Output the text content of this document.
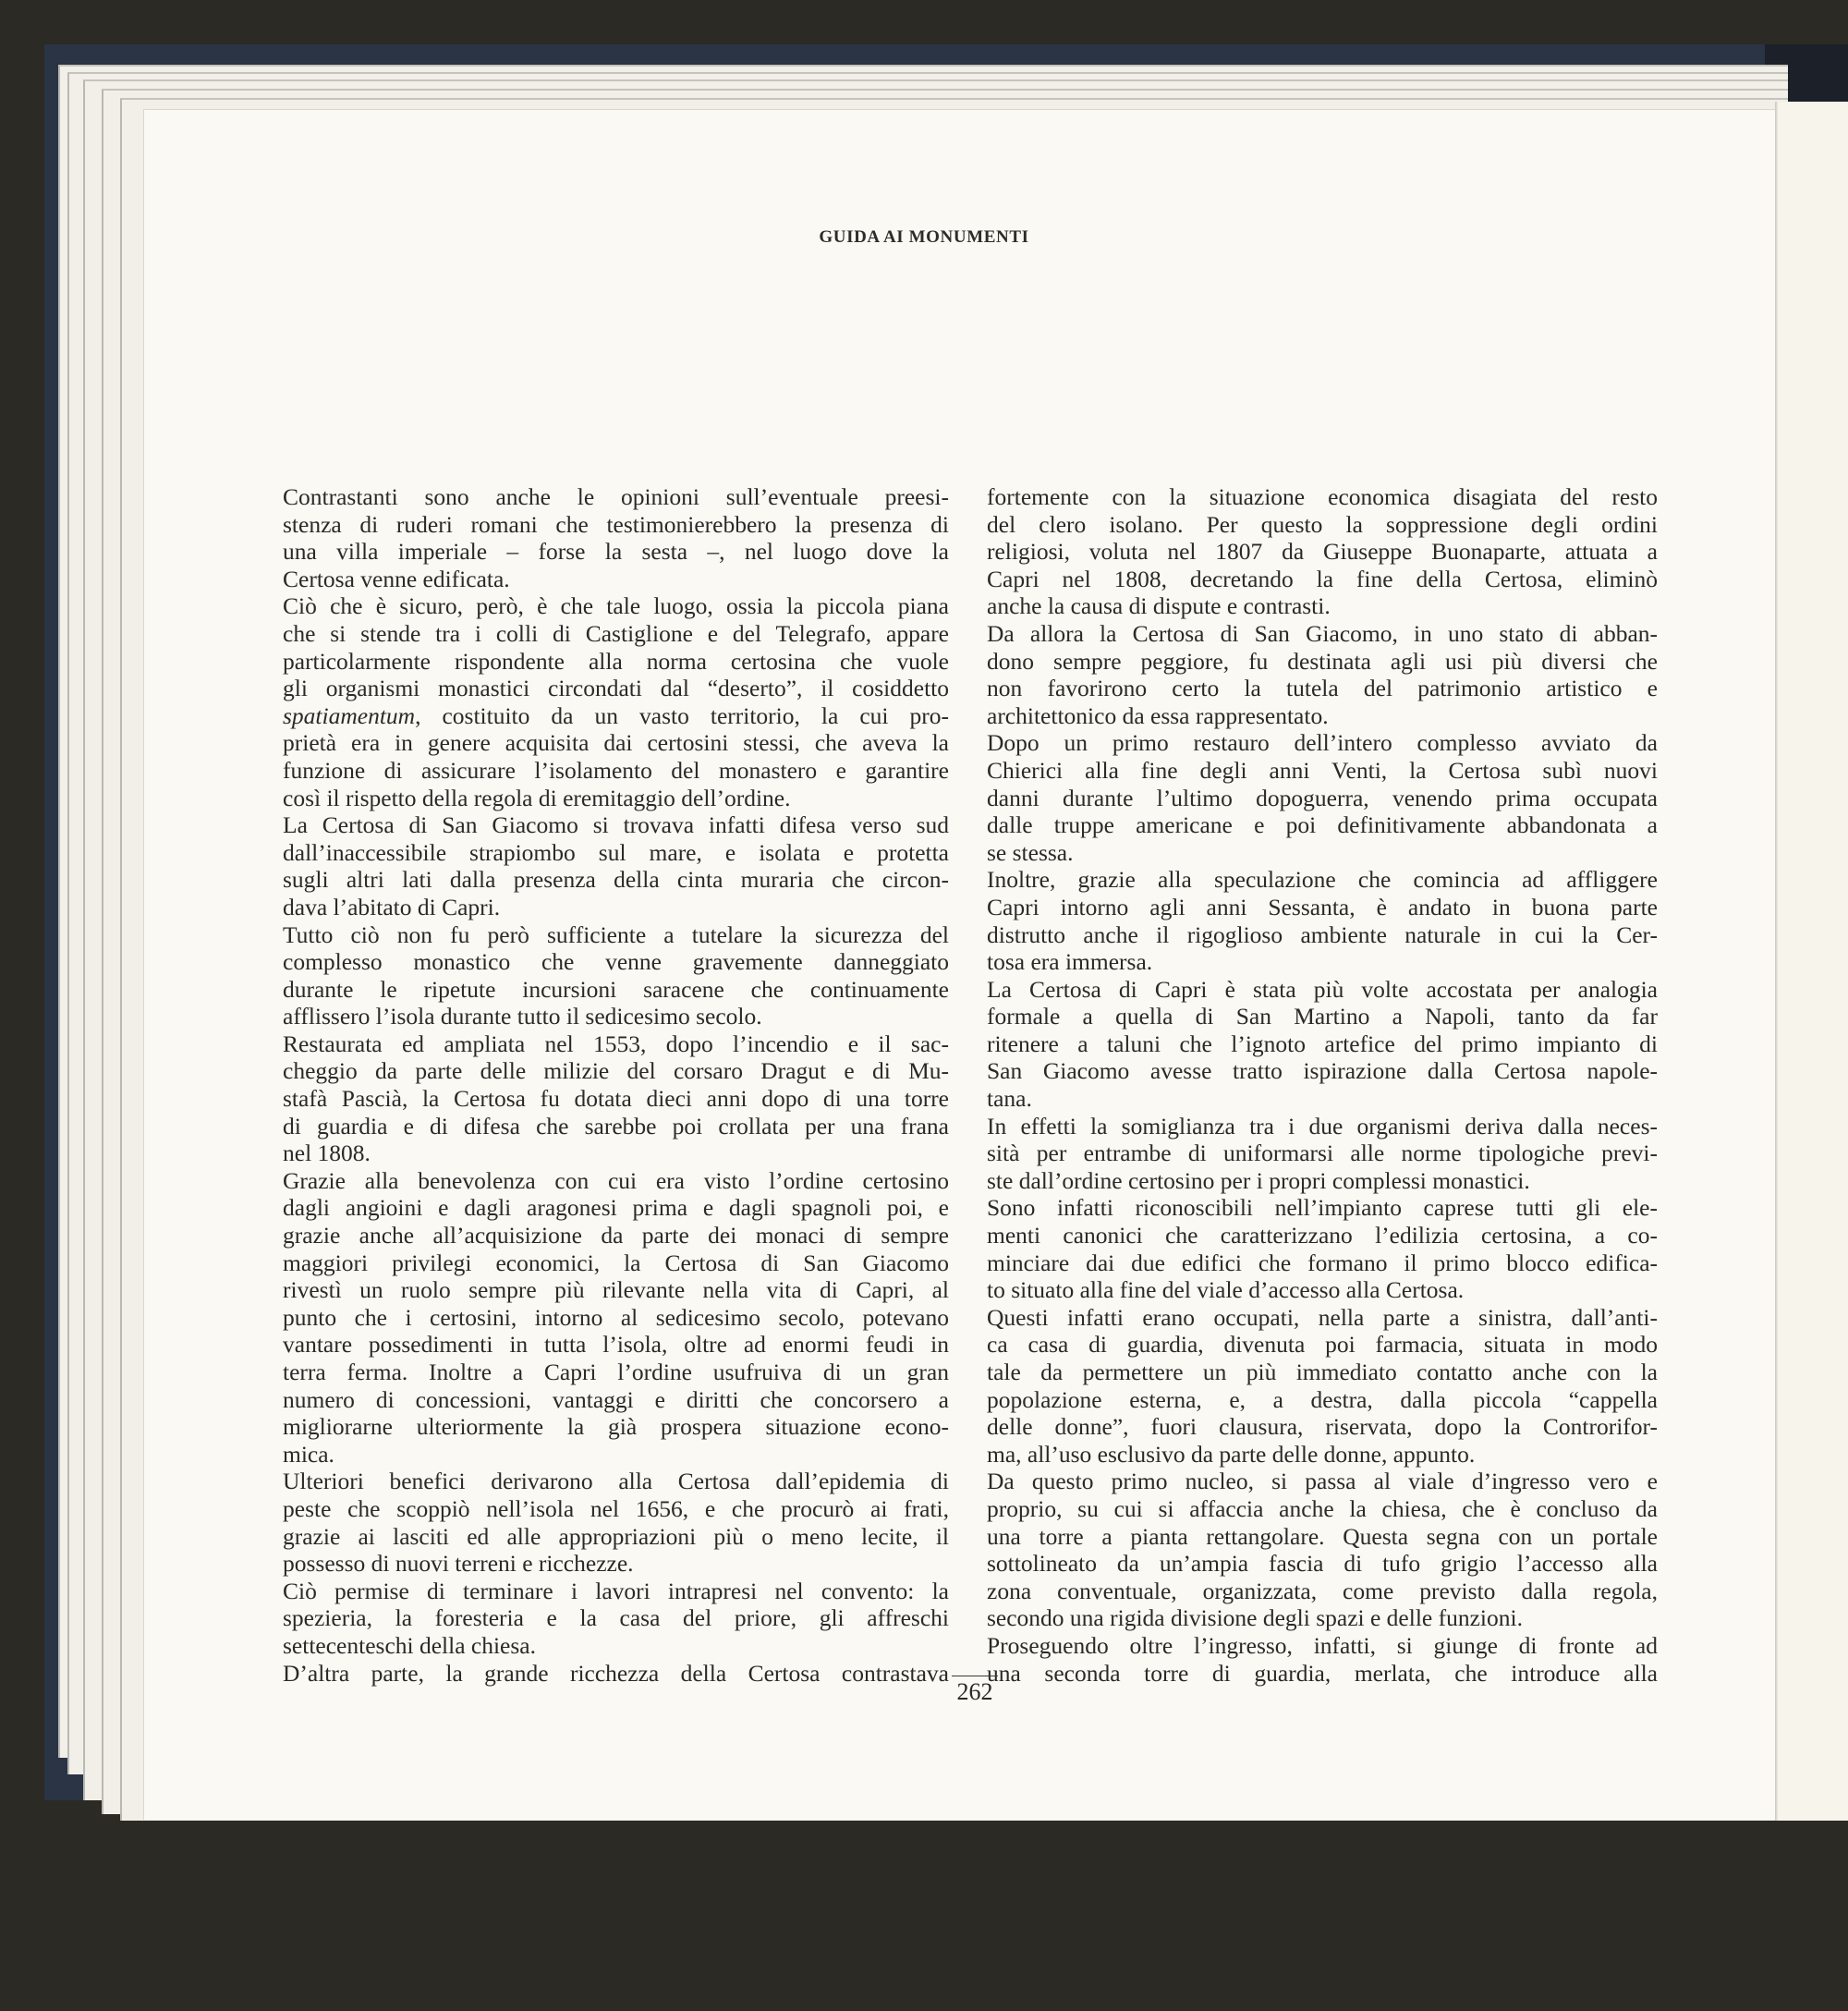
GUIDA AI MONUMENTI
Contrastanti sono anche le opinioni sull’eventuale preesi-
stenza di ruderi romani che testimonierebbero la presenza di
una villa imperiale – forse la sesta –, nel luogo dove la
Certosa venne edificata.
Ciò che è sicuro, però, è che tale luogo, ossia la piccola piana
che si stende tra i colli di Castiglione e del Telegrafo, appare
particolarmente rispondente alla norma certosina che vuole
gli organismi monastici circondati dal “deserto”, il cosiddetto
spatiamentum, costituito da un vasto territorio, la cui pro-
prietà era in genere acquisita dai certosini stessi, che aveva la
funzione di assicurare l’isolamento del monastero e garantire
così il rispetto della regola di eremitaggio dell’ordine.
La Certosa di San Giacomo si trovava infatti difesa verso sud
dall’inaccessibile strapiombo sul mare, e isolata e protetta
sugli altri lati dalla presenza della cinta muraria che circon-
dava l’abitato di Capri.
Tutto ciò non fu però sufficiente a tutelare la sicurezza del
complesso monastico che venne gravemente danneggiato
durante le ripetute incursioni saracene che continuamente
afflissero l’isola durante tutto il sedicesimo secolo.
Restaurata ed ampliata nel 1553, dopo l’incendio e il sac-
cheggio da parte delle milizie del corsaro Dragut e di Mu-
stafà Pascià, la Certosa fu dotata dieci anni dopo di una torre
di guardia e di difesa che sarebbe poi crollata per una frana
nel 1808.
Grazie alla benevolenza con cui era visto l’ordine certosino
dagli angioini e dagli aragonesi prima e dagli spagnoli poi, e
grazie anche all’acquisizione da parte dei monaci di sempre
maggiori privilegi economici, la Certosa di San Giacomo
rivestì un ruolo sempre più rilevante nella vita di Capri, al
punto che i certosini, intorno al sedicesimo secolo, potevano
vantare possedimenti in tutta l’isola, oltre ad enormi feudi in
terra ferma. Inoltre a Capri l’ordine usufruiva di un gran
numero di concessioni, vantaggi e diritti che concorsero a
migliorarne ulteriormente la già prospera situazione econo-
mica.
Ulteriori benefici derivarono alla Certosa dall’epidemia di
peste che scoppiò nell’isola nel 1656, e che procurò ai frati,
grazie ai lasciti ed alle appropriazioni più o meno lecite, il
possesso di nuovi terreni e ricchezze.
Ciò permise di terminare i lavori intrapresi nel convento: la
spezieria, la foresteria e la casa del priore, gli affreschi
settecenteschi della chiesa.
D’altra parte, la grande ricchezza della Certosa contrastava
fortemente con la situazione economica disagiata del resto
del clero isolano. Per questo la soppressione degli ordini
religiosi, voluta nel 1807 da Giuseppe Buonaparte, attuata a
Capri nel 1808, decretando la fine della Certosa, eliminò
anche la causa di dispute e contrasti.
Da allora la Certosa di San Giacomo, in uno stato di abban-
dono sempre peggiore, fu destinata agli usi più diversi che
non favorirono certo la tutela del patrimonio artistico e
architettonico da essa rappresentato.
Dopo un primo restauro dell’intero complesso avviato da
Chierici alla fine degli anni Venti, la Certosa subì nuovi
danni durante l’ultimo dopoguerra, venendo prima occupata
dalle truppe americane e poi definitivamente abbandonata a
se stessa.
Inoltre, grazie alla speculazione che comincia ad affliggere
Capri intorno agli anni Sessanta, è andato in buona parte
distrutto anche il rigoglioso ambiente naturale in cui la Cer-
tosa era immersa.
La Certosa di Capri è stata più volte accostata per analogia
formale a quella di San Martino a Napoli, tanto da far
ritenere a taluni che l’ignoto artefice del primo impianto di
San Giacomo avesse tratto ispirazione dalla Certosa napole-
tana.
In effetti la somiglianza tra i due organismi deriva dalla neces-
sità per entrambe di uniformarsi alle norme tipologiche previ-
ste dall’ordine certosino per i propri complessi monastici.
Sono infatti riconoscibili nell’impianto caprese tutti gli ele-
menti canonici che caratterizzano l’edilizia certosina, a co-
minciare dai due edifici che formano il primo blocco edifica-
to situato alla fine del viale d’accesso alla Certosa.
Questi infatti erano occupati, nella parte a sinistra, dall’anti-
ca casa di guardia, divenuta poi farmacia, situata in modo
tale da permettere un più immediato contatto anche con la
popolazione esterna, e, a destra, dalla piccola “cappella
delle donne”, fuori clausura, riservata, dopo la Controrifor-
ma, all’uso esclusivo da parte delle donne, appunto.
Da questo primo nucleo, si passa al viale d’ingresso vero e
proprio, su cui si affaccia anche la chiesa, che è concluso da
una torre a pianta rettangolare. Questa segna con un portale
sottolineato da un’ampia fascia di tufo grigio l’accesso alla
zona conventuale, organizzata, come previsto dalla regola,
secondo una rigida divisione degli spazi e delle funzioni.
Proseguendo oltre l’ingresso, infatti, si giunge di fronte ad
una seconda torre di guardia, merlata, che introduce alla
262
